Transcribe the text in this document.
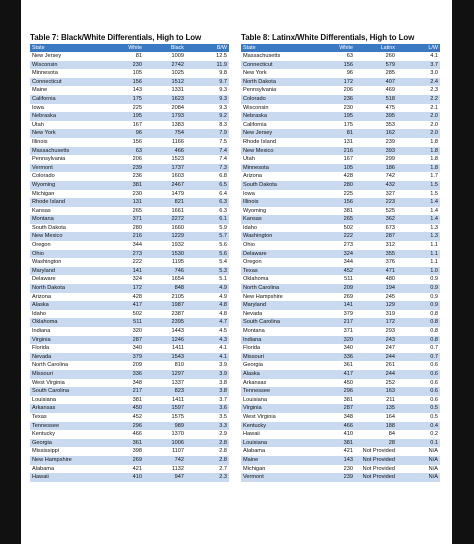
Table 7: Black/White Differentials, High to Low
State	White	Black	B/W
New Jersey	81	1009	12.5
Wisconsin	230	2742	11.9
Minnesota	105	1025	9.8
Connecticut	156	1512	9.7
Maine	143	1331	9.3
California	175	1623	9.3
Iowa	225	2084	9.3
Nebraska	195	1793	9.2
Utah	167	1383	8.3
New York	96	754	7.9
Illinois	156	1166	7.5
Massachusetts	63	466	7.4
Pennsylvania	206	1523	7.4
Vermont	239	1737	7.3
Colorado	236	1603	6.8
Wyoming	381	2467	6.5
Michigan	230	1479	6.4
Rhode Island	131	821	6.3
Kansas	265	1661	6.3
Montana	371	2272	6.1
South Dakota	280	1660	5.9
New Mexico	216	1229	5.7
Oregon	344	1932	5.6
Ohio	273	1530	5.6
Washington	222	1195	5.4
Maryland	141	746	5.3
Delaware	324	1654	5.1
North Dakota	172	848	4.9
Arizona	428	2105	4.9
Alaska	417	1987	4.8
Idaho	502	2387	4.8
Oklahoma	511	2395	4.7
Indiana	320	1443	4.5
Virginia	287	1246	4.3
Florida	340	1411	4.1
Nevada	379	1543	4.1
North Carolina	209	810	3.9
Missouri	336	1297	3.9
West Virginia	348	1337	3.8
South Carolina	217	823	3.8
Louisiana	381	1411	3.7
Arkansas	450	1597	3.6
Texas	452	1575	3.5
Tennessee	296	989	3.3
Kentucky	466	1370	2.9
Georgia	361	1006	2.8
Mississippi	398	1107	2.8
New Hampshire	269	742	2.8
Alabama	421	1132	2.7
Hawaii	410	947	2.3
Table 8: Latinx/White Differentials, High to Low
State	White	Latinx	L/W
Massachusetts	63	260	4.1
Connecticut	156	579	3.7
New York	96	285	3.0
North Dakota	172	407	2.4
Pennsylvania	206	469	2.3
Colorado	236	518	2.2
Wisconsin	230	475	2.1
Nebraska	195	395	2.0
California	175	353	2.0
New Jersey	81	162	2.0
Rhode Island	131	239	1.8
New Mexico	216	393	1.8
Utah	167	299	1.8
Minnesota	105	186	1.8
Arizona	428	742	1.7
South Dakota	280	432	1.5
Iowa	225	327	1.5
Illinois	156	223	1.4
Wyoming	381	525	1.4
Kansas	265	362	1.4
Idaho	502	673	1.3
Washington	222	287	1.3
Ohio	273	312	1.1
Delaware	324	355	1.1
Oregon	344	376	1.1
Texas	452	471	1.0
Oklahoma	511	480	0.9
North Carolina	209	194	0.9
New Hampshire	269	245	0.9
Maryland	141	129	0.9
Nevada	379	319	0.8
South Carolina	217	172	0.8
Montana	371	293	0.8
Indiana	320	243	0.8
Florida	340	247	0.7
Missouri	336	244	0.7
Georgia	361	261	0.6
Alaska	417	244	0.6
Arkansas	450	252	0.6
Tennessee	296	163	0.6
Louisiana	381	211	0.6
Virginia	287	135	0.5
West Virginia	348	164	0.5
Kentucky	466	188	0.4
Hawaii	410	84	0.2
Louisiana	381	28	0.1
Alabama	421	Not Provided	N/A
Maine	143	Not Provided	N/A
Michigan	230	Not Provided	N/A
Vermont	239	Not Provided	N/A
